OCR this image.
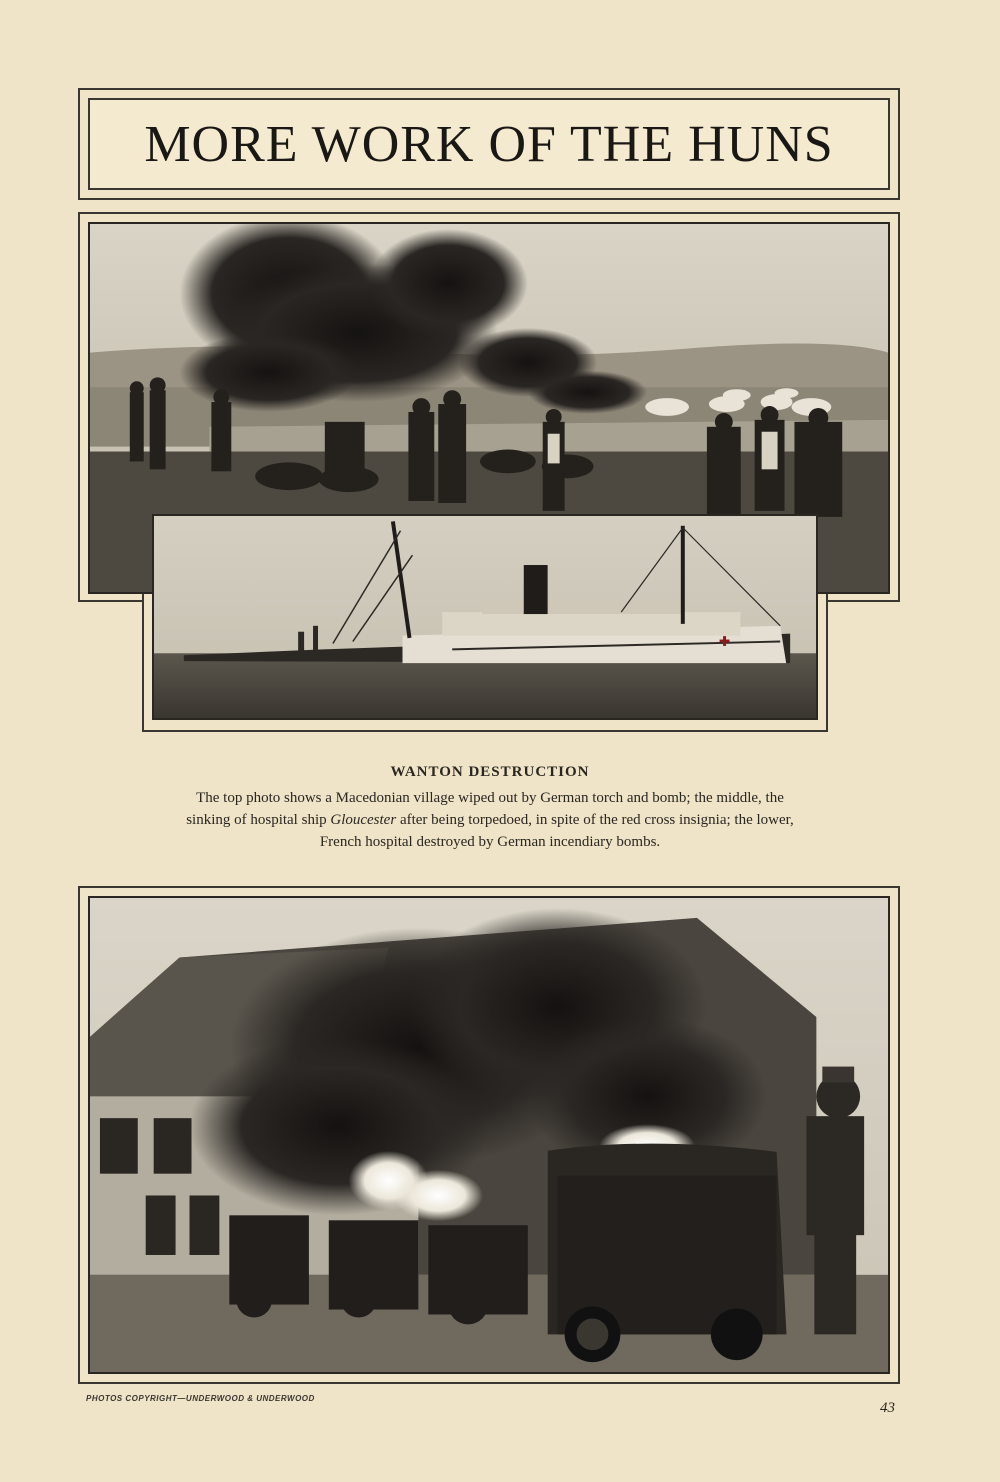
MORE WORK OF THE HUNS
WANTON DESTRUCTION
The top photo shows a Macedonian village wiped out by German torch and bomb; the middle, the
sinking of hospital ship Gloucester after being torpedoed, in spite of the red cross insignia; the lower,
French hospital destroyed by German incendiary bombs.
PHOTOS COPYRIGHT—UNDERWOOD & UNDERWOOD
43
